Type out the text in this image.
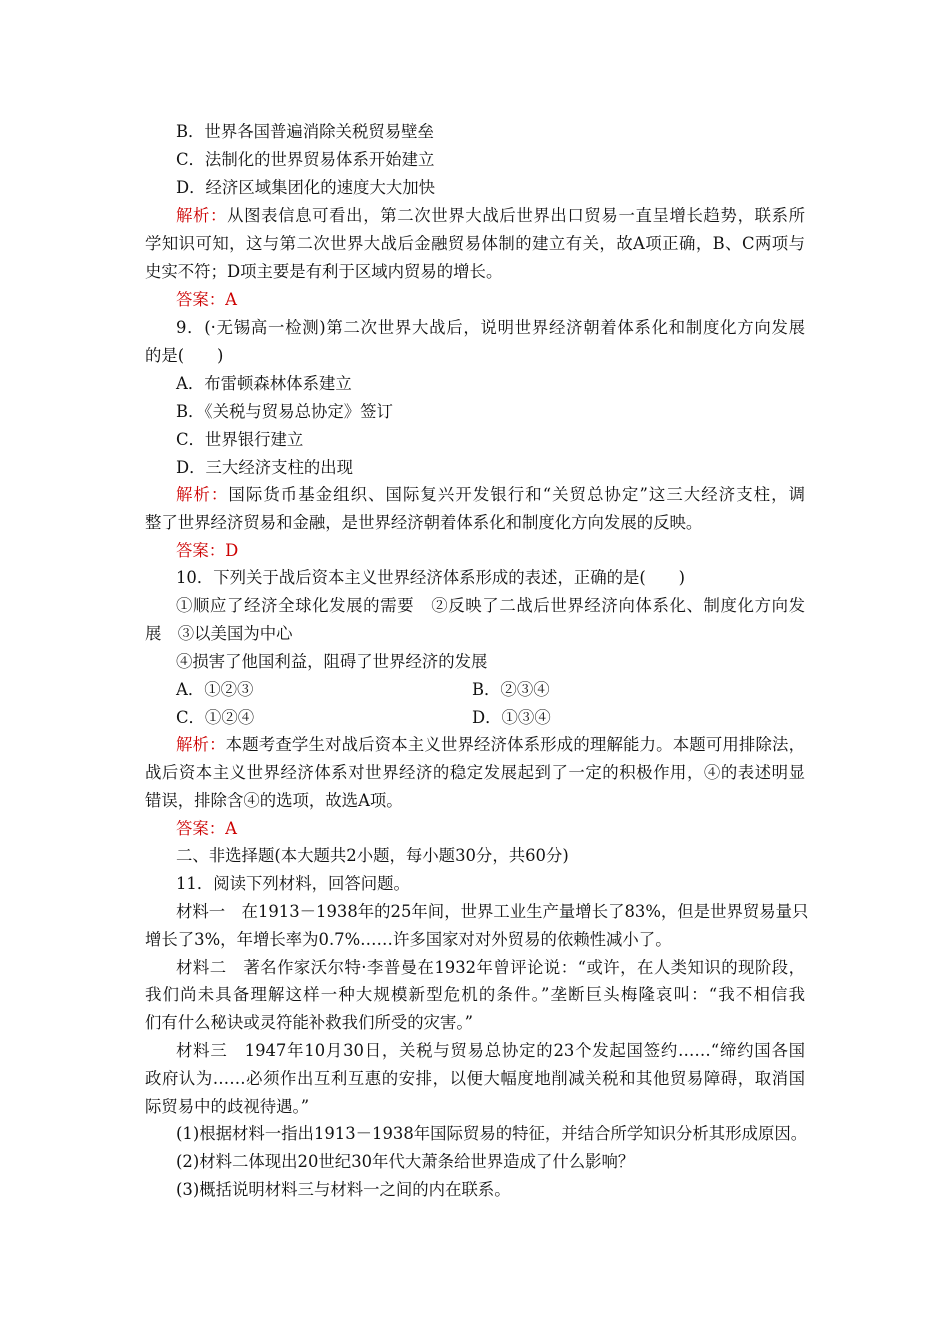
B．世界各国普遍消除关税贸易壁垒
C．法制化的世界贸易体系开始建立
D．经济区域集团化的速度大大加快
解析：从图表信息可看出，第二次世界大战后世界出口贸易一直呈增长趋势，联系所
学知识可知，这与第二次世界大战后金融贸易体制的建立有关，故A项正确，B、C两项与
史实不符；D项主要是有利于区域内贸易的增长。
答案：A
9．(·无锡高一检测)第二次世界大战后，说明世界经济朝着体系化和制度化方向发展
的是(　　)
A．布雷顿森林体系建立
B．《关税与贸易总协定》签订
C．世界银行建立
D．三大经济支柱的出现
解析：国际货币基金组织、国际复兴开发银行和“关贸总协定”这三大经济支柱，调
整了世界经济贸易和金融，是世界经济朝着体系化和制度化方向发展的反映。
答案：D
10．下列关于战后资本主义世界经济体系形成的表述，正确的是(　　)
①顺应了经济全球化发展的需要　②反映了二战后世界经济向体系化、制度化方向发
展　③以美国为中心
④损害了他国利益，阻碍了世界经济的发展
A．①②③	B．②③④
C．①②④	D．①③④
解析：本题考查学生对战后资本主义世界经济体系形成的理解能力。本题可用排除法，
战后资本主义世界经济体系对世界经济的稳定发展起到了一定的积极作用，④的表述明显
错误，排除含④的选项，故选A项。
答案：A
二、非选择题(本大题共2小题，每小题30分，共60分)
11．阅读下列材料，回答问题。
材料一　在1913－1938年的25年间，世界工业生产量增长了83%，但是世界贸易量只
增长了3%，年增长率为0.7%……许多国家对对外贸易的依赖性减小了。
材料二　著名作家沃尔特·李普曼在1932年曾评论说：“或许，在人类知识的现阶段，
我们尚未具备理解这样一种大规模新型危机的条件。”垄断巨头梅隆哀叫：“我不相信我
们有什么秘诀或灵符能补救我们所受的灾害。”
材料三　1947年10月30日，关税与贸易总协定的23个发起国签约……“缔约国各国
政府认为……必须作出互利互惠的安排，以便大幅度地削减关税和其他贸易障碍，取消国
际贸易中的歧视待遇。”
(1)根据材料一指出1913－1938年国际贸易的特征，并结合所学知识分析其形成原因。
(2)材料二体现出20世纪30年代大萧条给世界造成了什么影响？
(3)概括说明材料三与材料一之间的内在联系。
